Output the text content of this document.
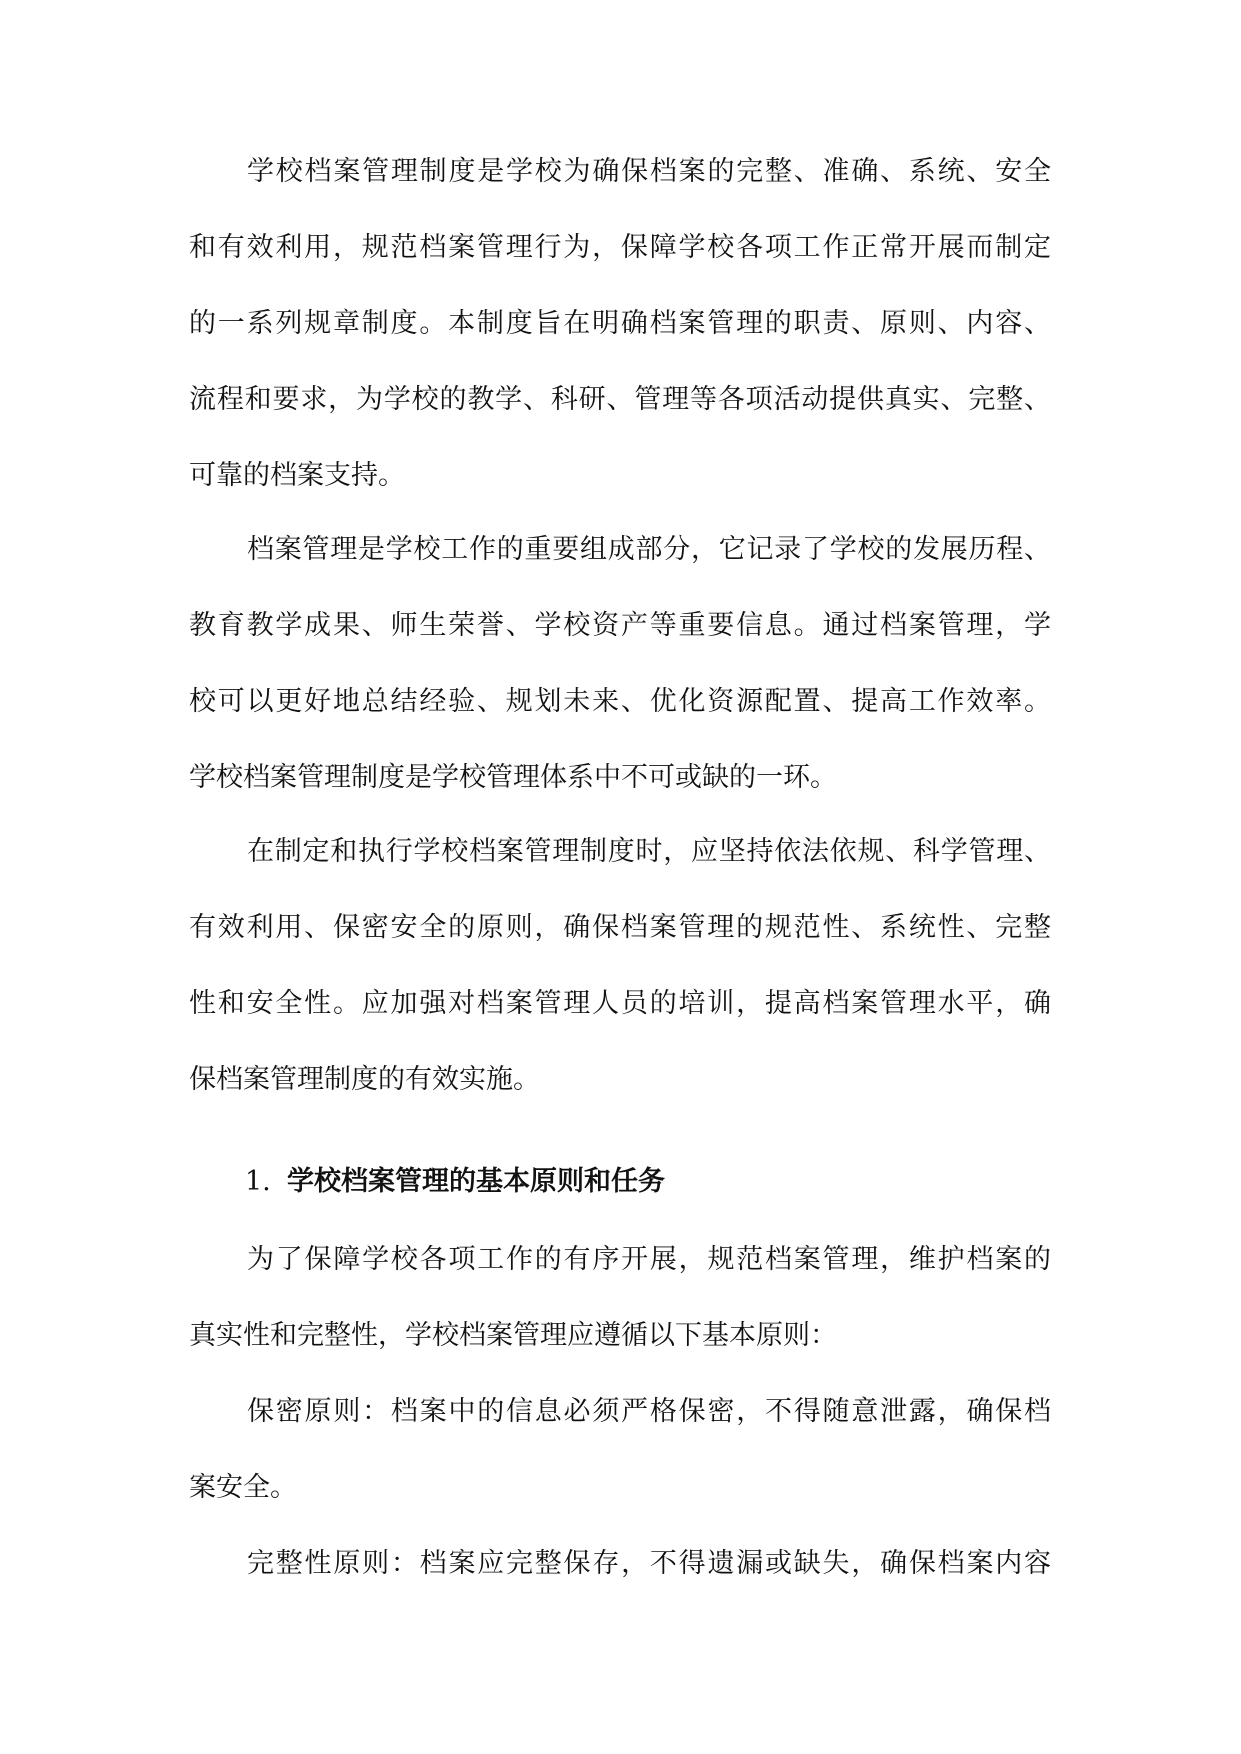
学校档案管理制度是学校为确保档案的完整、准确、系统、安全
和有效利用，规范档案管理行为，保障学校各项工作正常开展而制定
的一系列规章制度。本制度旨在明确档案管理的职责、原则、内容、
流程和要求，为学校的教学、科研、管理等各项活动提供真实、完整、
可靠的档案支持。
档案管理是学校工作的重要组成部分，它记录了学校的发展历程、
教育教学成果、师生荣誉、学校资产等重要信息。通过档案管理，学
校可以更好地总结经验、规划未来、优化资源配置、提高工作效率。
学校档案管理制度是学校管理体系中不可或缺的一环。
在制定和执行学校档案管理制度时，应坚持依法依规、科学管理、
有效利用、保密安全的原则，确保档案管理的规范性、系统性、完整
性和安全性。应加强对档案管理人员的培训，提高档案管理水平，确
保档案管理制度的有效实施。
1. 学校档案管理的基本原则和任务
为了保障学校各项工作的有序开展，规范档案管理，维护档案的
真实性和完整性，学校档案管理应遵循以下基本原则：
保密原则：档案中的信息必须严格保密，不得随意泄露，确保档
案安全。
完整性原则：档案应完整保存，不得遗漏或缺失，确保档案内容
